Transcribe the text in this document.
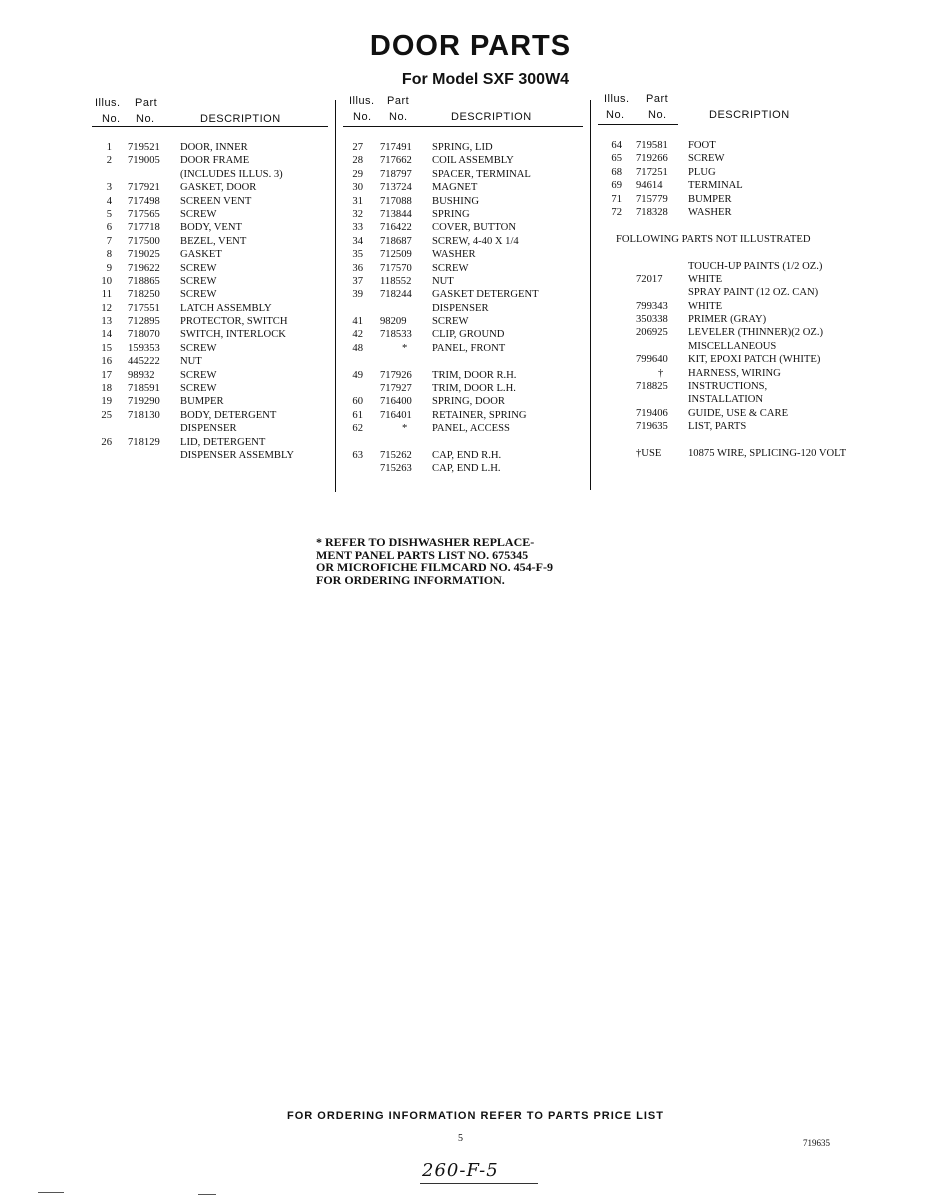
DOOR PARTS
For Model SXF 300W4
Illus. Part
No. No.	DESCRIPTION
1 719521	DOOR, INNER
2 719005	DOOR FRAME
(INCLUDES ILLUS. 3)
3 717921	GASKET, DOOR
4 717498	SCREEN VENT
5 717565	SCREW
6 717718	BODY, VENT
7 717500	BEZEL, VENT
8 719025	GASKET
9 719622	SCREW
10 718865	SCREW
11 718250	SCREW
12 717551	LATCH ASSEMBLY
13 712895	PROTECTOR, SWITCH
14 718070	SWITCH, INTERLOCK
15 159353	SCREW
16 445222	NUT
17 98932	SCREW
18 718591	SCREW
19 719290	BUMPER
25 718130	BODY, DETERGENT
DISPENSER
26 718129	LID, DETERGENT
DISPENSER ASSEMBLY
Illus. Part
No. No.	DESCRIPTION
27 717491	SPRING, LID
28 717662	COIL ASSEMBLY
29 718797	SPACER, TERMINAL
30 713724	MAGNET
31 717088	BUSHING
32 713844	SPRING
33 716422	COVER, BUTTON
34 718687	SCREW, 4-40 X 1/4
35 712509	WASHER
36 717570	SCREW
37 118552	NUT
39 718244	GASKET DETERGENT
DISPENSER
41 98209	SCREW
42 718533	CLIP, GROUND
48	*	PANEL, FRONT
49 717926	TRIM, DOOR R.H.
717927	TRIM, DOOR L.H.
60 716400	SPRING, DOOR
61 716401	RETAINER, SPRING
62	*	PANEL, ACCESS
63 715262	CAP, END R.H.
715263	CAP, END L.H.
Illus. Part
No. No.	DESCRIPTION
64 719581	FOOT
65 719266	SCREW
68 717251	PLUG
69 94614	TERMINAL
71 715779	BUMPER
72 718328	WASHER
FOLLOWING PARTS NOT ILLUSTRATED
TOUCH-UP PAINTS (1/2 OZ.)
72017	WHITE
SPRAY PAINT (12 OZ. CAN)
799343	WHITE
350338	PRIMER (GRAY)
206925	LEVELER (THINNER)(2 OZ.)
MISCELLANEOUS
799640	KIT, EPOXI PATCH (WHITE)
†	HARNESS, WIRING
718825	INSTRUCTIONS,
INSTALLATION
719406	GUIDE, USE & CARE
719635	LIST, PARTS
†USE	10875 WIRE, SPLICING-120 VOLT
* REFER TO DISHWASHER REPLACE-
MENT PANEL PARTS LIST NO. 675345
OR MICROFICHE FILMCARD NO. 454-F-9
FOR ORDERING INFORMATION.
FOR ORDERING INFORMATION REFER TO PARTS PRICE LIST
5	719635
260-F-5
